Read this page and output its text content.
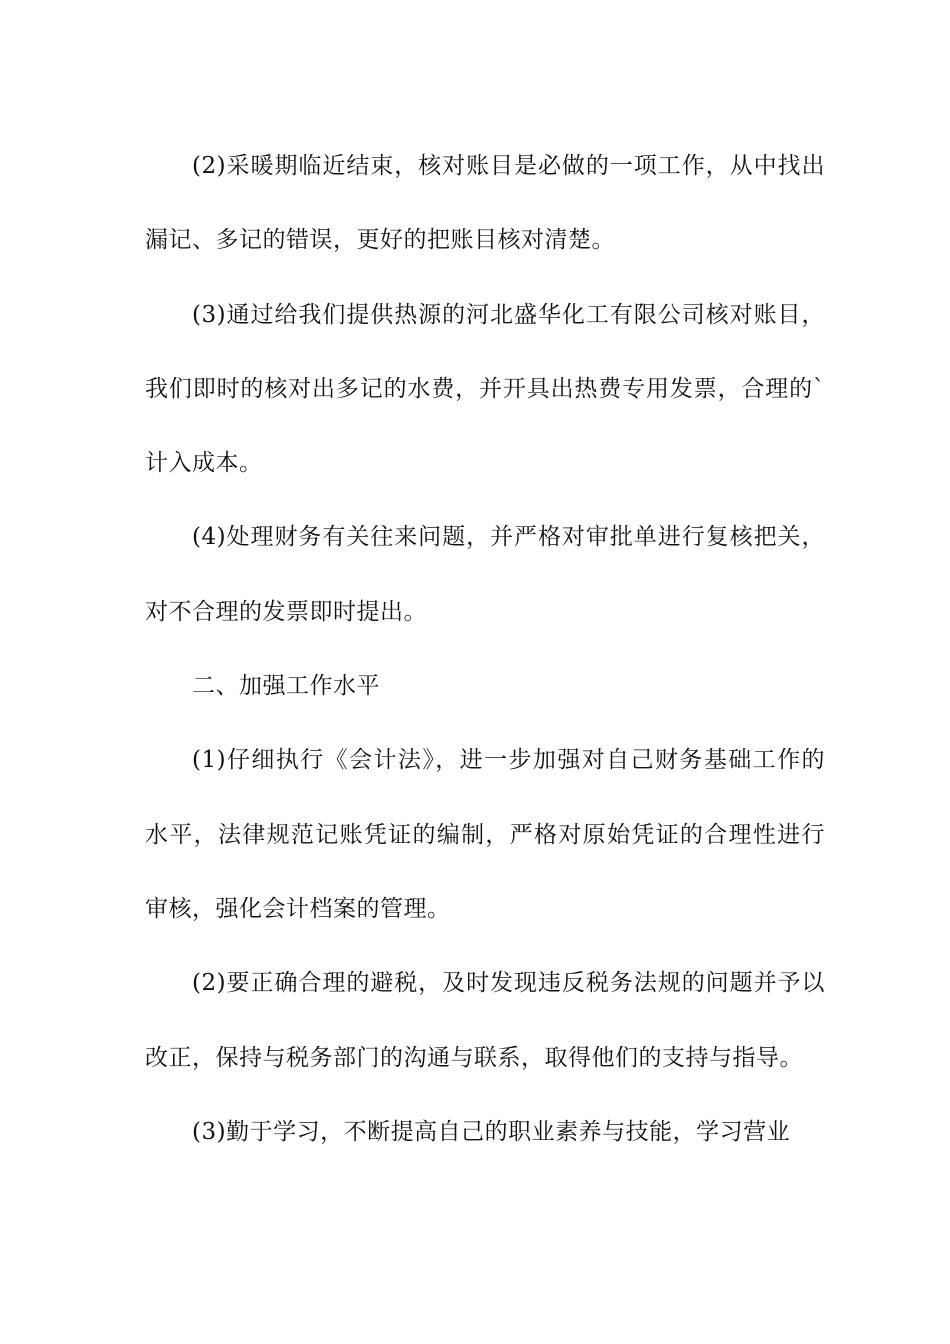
(2)采暖期临近结束，核对账目是必做的一项工作，从中找出漏记、多记的错误，更好的把账目核对清楚。

(3)通过给我们提供热源的河北盛华化工有限公司核对账目，我们即时的核对出多记的水费，并开具出热费专用发票，合理的`计入成本。

(4)处理财务有关往来问题，并严格对审批单进行复核把关，对不合理的发票即时提出。

二、加强工作水平

(1)仔细执行《会计法》，进一步加强对自己财务基础工作的水平，法律规范记账凭证的编制，严格对原始凭证的合理性进行审核，强化会计档案的管理。

(2)要正确合理的避税，及时发现违反税务法规的问题并予以改正，保持与税务部门的沟通与联系，取得他们的支持与指导。

(3)勤于学习，不断提高自己的职业素养与技能，学习营业
